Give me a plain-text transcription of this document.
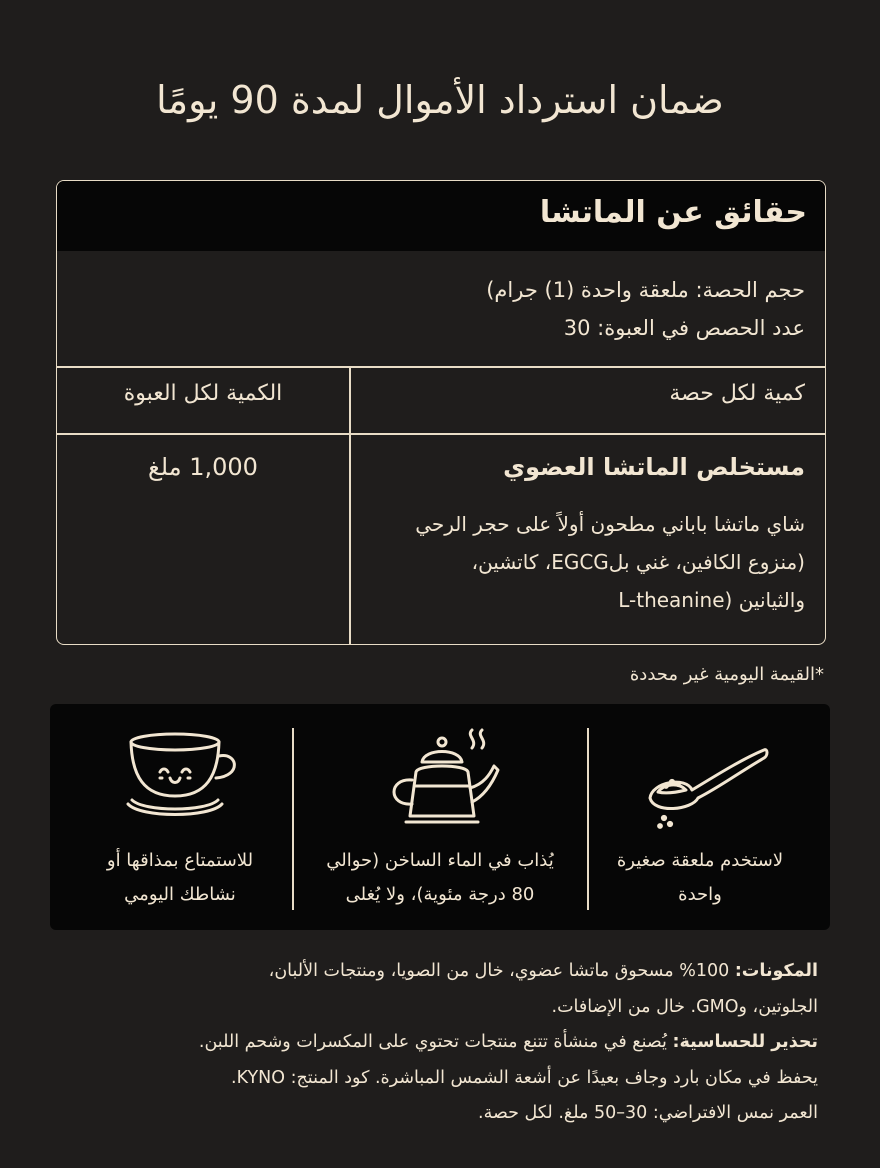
ضمان استرداد الأموال لمدة 90 يومًا
حقائق عن الماتشا
حجم الحصة: ملعقة واحدة (1) جرام)
عدد الحصص في العبوة: 30
كمية لكل حصة
الكمية لكل العبوة
مستخلص الماتشا العضوي
شاي ماتشا باباني مطحون أولاً على حجر الرحي
(منزوع الكافين، غني بلEGCG، كاتشين،
والثيانين (L-theanine
1,000 ملغ
*القيمة اليومية غير محددة
لاستخدم ملعقة صغيرة
واحدة
يُذاب في الماء الساخن (حوالي
80 درجة مئوية)، ولا يُغلى
للاستمتاع بمذاقها أو
نشاطك اليومي
المكونات: 100% مسحوق ماتشا عضوي، خال من الصويا، ومنتجات الألبان،
الجلوتين، وGMO. خال من الإضافات.
تحذير للحساسية: يُصنع في منشأة تتنع منتجات تحتوي على المكسرات وشحم اللبن.
يحفظ في مكان بارد وجاف بعيدًا عن أشعة الشمس المباشرة. كود المنتج: KYNO.
العمر نمس الافتراضي: 30–50 ملغ. لكل حصة.
